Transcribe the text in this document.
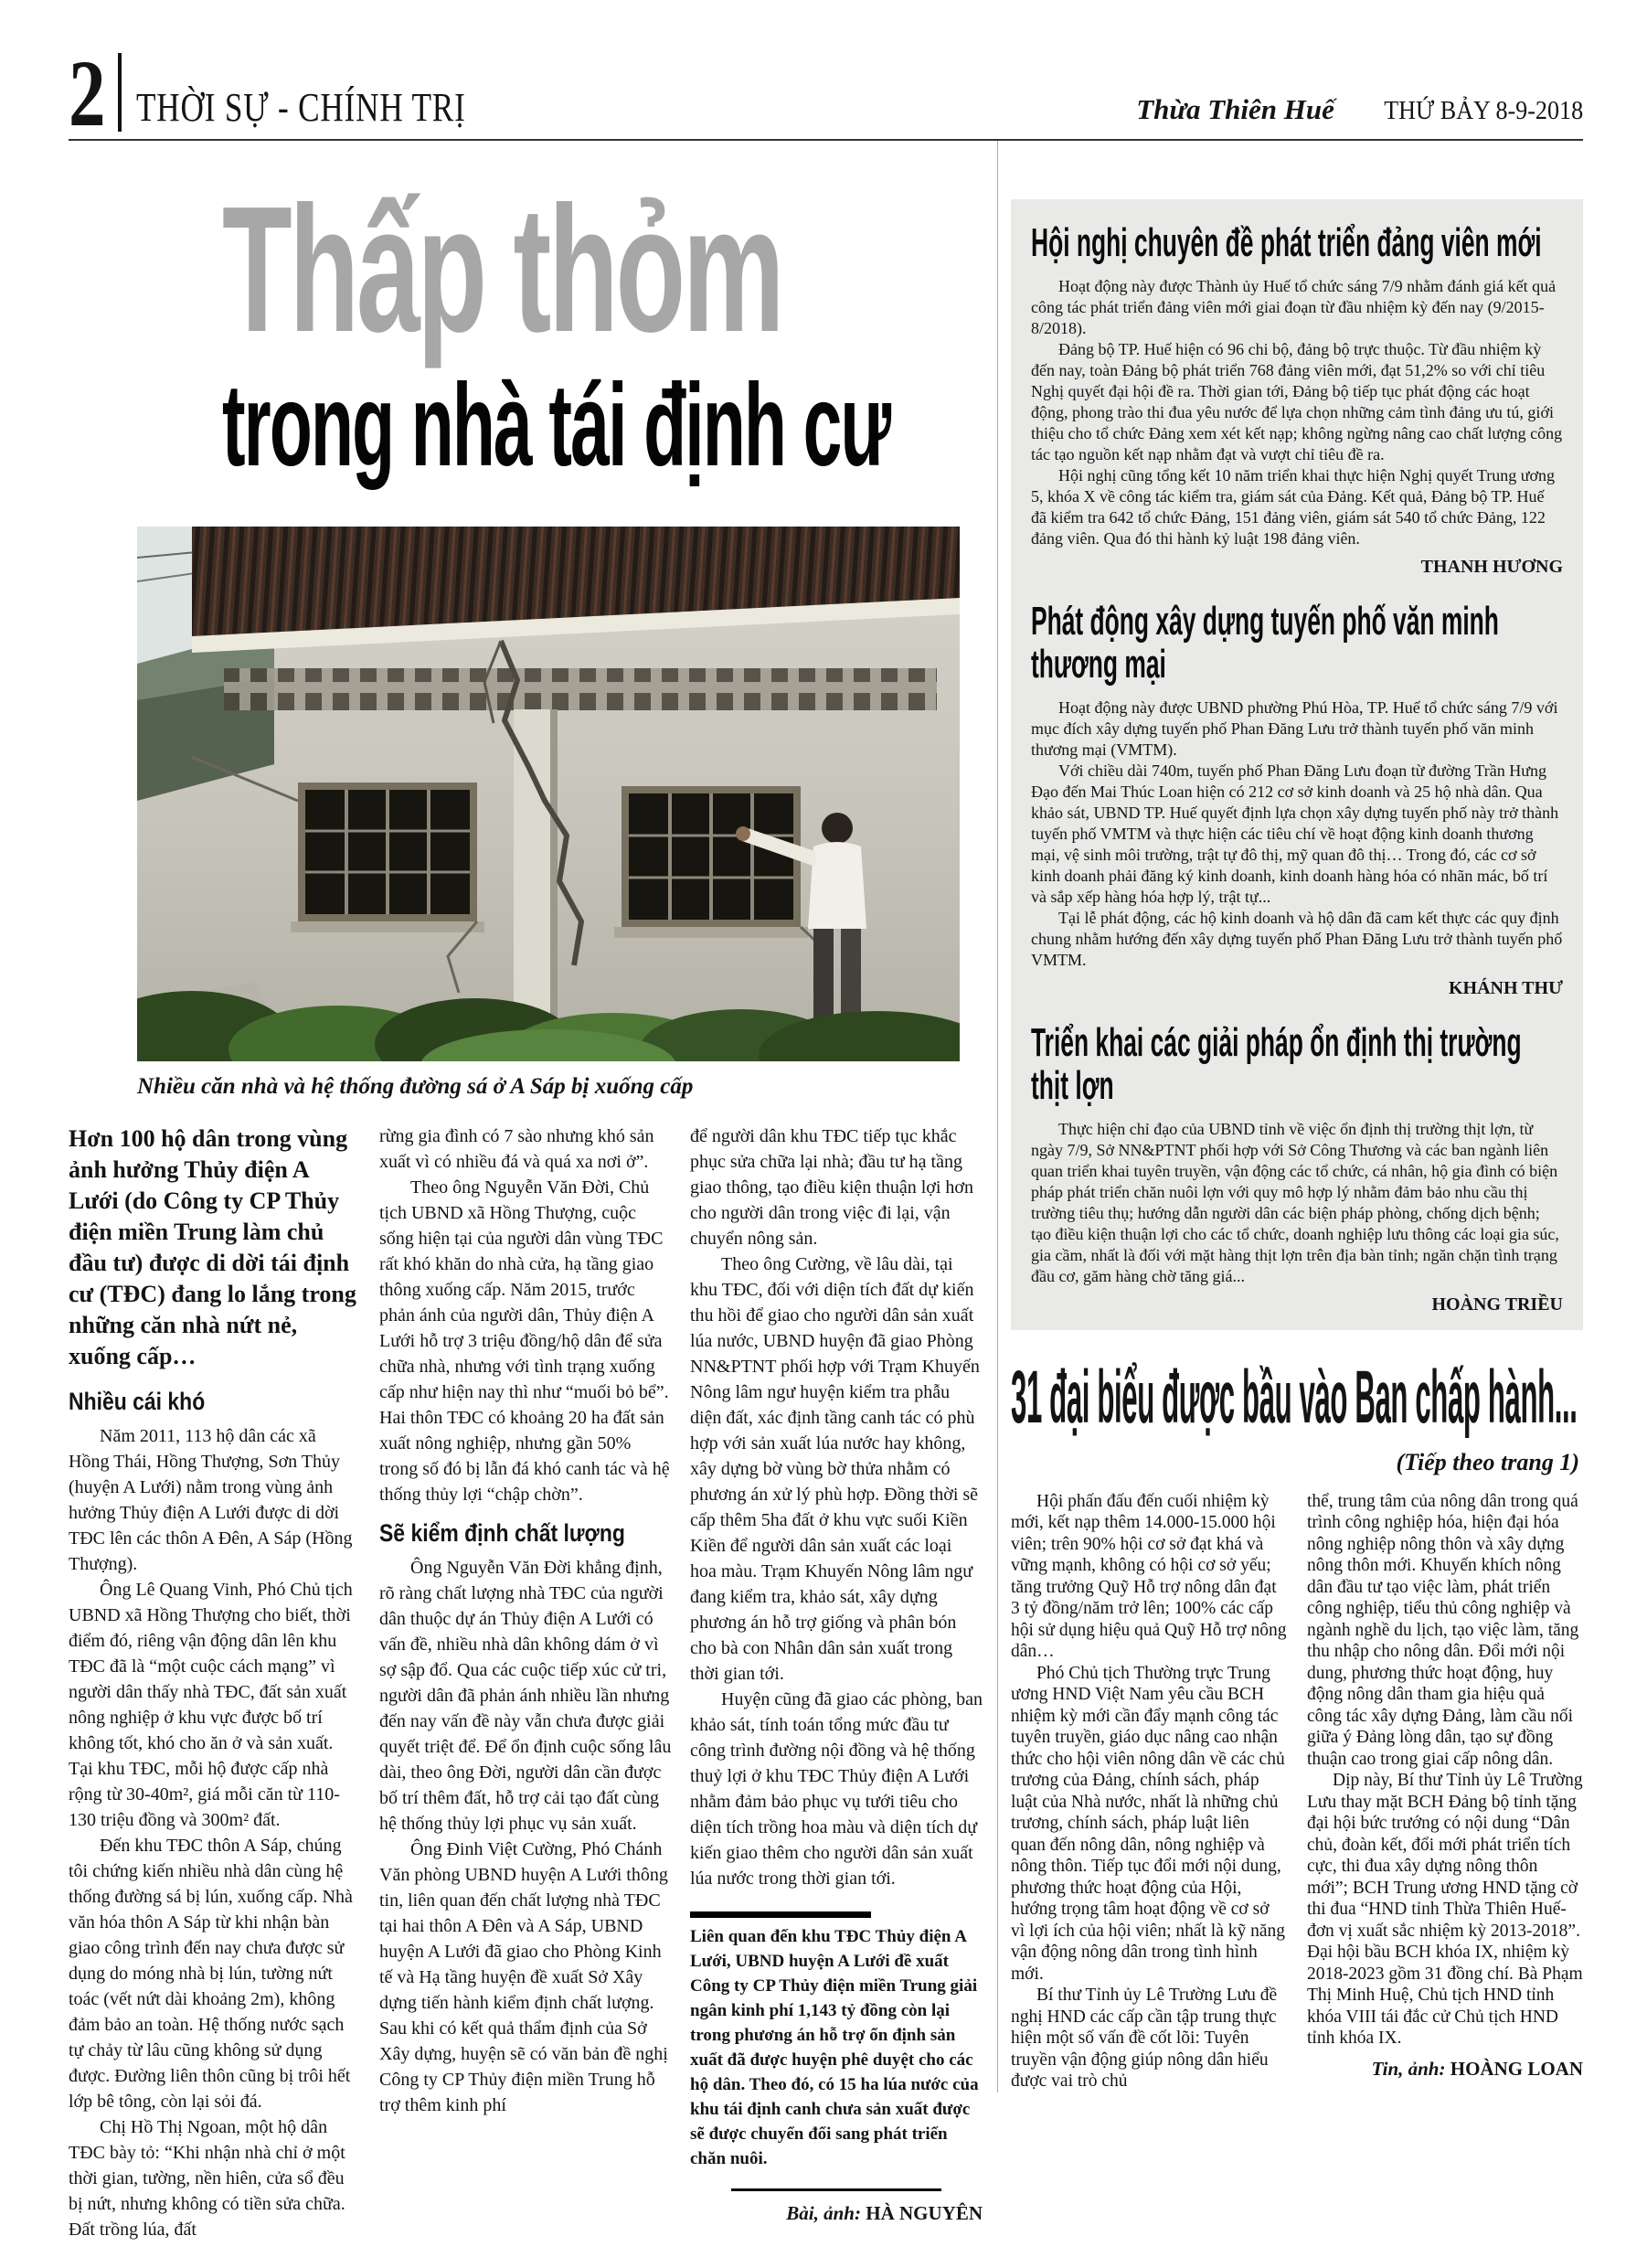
2 THỜI SỰ - CHÍNH TRỊ	Thừa Thiên Huế THỨ BẢY 8-9-2018
Thấp thỏm
trong nhà tái định cư
Nhiều căn nhà và hệ thống đường sá ở A Sáp bị xuống cấp

Hơn 100 hộ dân trong vùng ảnh hưởng Thủy điện A Lưới (do Công ty CP Thủy điện miền Trung làm chủ đầu tư) được di dời tái định cư (TĐC) đang lo lắng trong những căn nhà nứt nẻ, xuống cấp…

Nhiều cái khó

Năm 2011, 113 hộ dân các xã Hồng Thái, Hồng Thượng, Sơn Thủy (huyện A Lưới) nằm trong vùng ảnh hưởng Thủy điện A Lưới được di dời TĐC lên các thôn A Đên, A Sáp (Hồng Thượng).

Ông Lê Quang Vinh, Phó Chủ tịch UBND xã Hồng Thượng cho biết, thời điểm đó, riêng vận động dân lên khu TĐC đã là “một cuộc cách mạng” vì người dân thấy nhà TĐC, đất sản xuất nông nghiệp ở khu vực được bố trí không tốt, khó cho ăn ở và sản xuất. Tại khu TĐC, mỗi hộ được cấp nhà rộng từ 30-40m², giá mỗi căn từ 110-130 triệu đồng và 300m² đất.

Đến khu TĐC thôn A Sáp, chúng tôi chứng kiến nhiều nhà dân cùng hệ thống đường sá bị lún, xuống cấp. Nhà văn hóa thôn A Sáp từ khi nhận bàn giao công trình đến nay chưa được sử dụng do móng nhà bị lún, tường nứt toác (vết nứt dài khoảng 2m), không đảm bảo an toàn. Hệ thống nước sạch tự chảy từ lâu cũng không sử dụng được. Đường liên thôn cũng bị trôi hết lớp bê tông, còn lại sỏi đá.

Chị Hồ Thị Ngoan, một hộ dân TĐC bày tỏ: “Khi nhận nhà chỉ ở một thời gian, tường, nền hiên, cửa sổ đều bị nứt, nhưng không có tiền sửa chữa. Đất trồng lúa, đất

rừng gia đình có 7 sào nhưng khó sản xuất vì có nhiều đá và quá xa nơi ở”.

Theo ông Nguyễn Văn Đời, Chủ tịch UBND xã Hồng Thượng, cuộc sống hiện tại của người dân vùng TĐC rất khó khăn do nhà cửa, hạ tầng giao thông xuống cấp. Năm 2015, trước phản ánh của người dân, Thủy điện A Lưới hỗ trợ 3 triệu đồng/hộ dân để sửa chữa nhà, nhưng với tình trạng xuống cấp như hiện nay thì như “muối bỏ bể”. Hai thôn TĐC có khoảng 20 ha đất sản xuất nông nghiệp, nhưng gần 50% trong số đó bị lẫn đá khó canh tác và hệ thống thủy lợi “chập chờn”.

Sẽ kiểm định chất lượng

Ông Nguyễn Văn Đời khẳng định, rõ ràng chất lượng nhà TĐC của người dân thuộc dự án Thủy điện A Lưới có vấn đề, nhiều nhà dân không dám ở vì sợ sập đổ. Qua các cuộc tiếp xúc cử tri, người dân đã phản ánh nhiều lần nhưng đến nay vấn đề này vẫn chưa được giải quyết triệt để. Để ổn định cuộc sống lâu dài, theo ông Đời, người dân cần được bố trí thêm đất, hỗ trợ cải tạo đất cùng hệ thống thủy lợi phục vụ sản xuất.

Ông Đinh Việt Cường, Phó Chánh Văn phòng UBND huyện A Lưới thông tin, liên quan đến chất lượng nhà TĐC tại hai thôn A Đên và A Sáp, UBND huyện A Lưới đã giao cho Phòng Kinh tế và Hạ tầng huyện đề xuất Sở Xây dựng tiến hành kiểm định chất lượng. Sau khi có kết quả thẩm định của Sở Xây dựng, huyện sẽ có văn bản đề nghị Công ty CP Thủy điện miền Trung hỗ trợ thêm kinh phí

để người dân khu TĐC tiếp tục khắc phục sửa chữa lại nhà; đầu tư hạ tầng giao thông, tạo điều kiện thuận lợi hơn cho người dân trong việc đi lại, vận chuyển nông sản.

Theo ông Cường, về lâu dài, tại khu TĐC, đối với diện tích đất dự kiến thu hồi để giao cho người dân sản xuất lúa nước, UBND huyện đã giao Phòng NN&PTNT phối hợp với Trạm Khuyến Nông lâm ngư huyện kiểm tra phẫu diện đất, xác định tầng canh tác có phù hợp với sản xuất lúa nước hay không, xây dựng bờ vùng bờ thửa nhằm có phương án xử lý phù hợp. Đồng thời sẽ cấp thêm 5ha đất ở khu vực suối Kiền Kiền để người dân sản xuất các loại hoa màu. Trạm Khuyến Nông lâm ngư đang kiểm tra, khảo sát, xây dựng phương án hỗ trợ giống và phân bón cho bà con Nhân dân sản xuất trong thời gian tới.

Huyện cũng đã giao các phòng, ban khảo sát, tính toán tổng mức đầu tư công trình đường nội đồng và hệ thống thuỷ lợi ở khu TĐC Thủy điện A Lưới nhằm đảm bảo phục vụ tưới tiêu cho diện tích trồng hoa màu và diện tích dự kiến giao thêm cho người dân sản xuất lúa nước trong thời gian tới.

Liên quan đến khu TĐC Thủy điện A Lưới, UBND huyện A Lưới đề xuất Công ty CP Thủy điện miền Trung giải ngân kinh phí 1,143 tỷ đồng còn lại trong phương án hỗ trợ ổn định sản xuất đã được huyện phê duyệt cho các hộ dân. Theo đó, có 15 ha lúa nước của khu tái định canh chưa sản xuất được sẽ được chuyển đổi sang phát triển chăn nuôi.

Bài, ảnh: HÀ NGUYÊN

Hội nghị chuyên đề phát triển đảng viên mới

Hoạt động này được Thành ủy Huế tổ chức sáng 7/9 nhằm đánh giá kết quả công tác phát triển đảng viên mới giai đoạn từ đầu nhiệm kỳ đến nay (9/2015- 8/2018).

Đảng bộ TP. Huế hiện có 96 chi bộ, đảng bộ trực thuộc. Từ đầu nhiệm kỳ đến nay, toàn Đảng bộ phát triển 768 đảng viên mới, đạt 51,2% so với chỉ tiêu Nghị quyết đại hội đề ra. Thời gian tới, Đảng bộ tiếp tục phát động các hoạt động, phong trào thi đua yêu nước để lựa chọn những cảm tình đảng ưu tú, giới thiệu cho tổ chức Đảng xem xét kết nạp; không ngừng nâng cao chất lượng công tác tạo nguồn kết nạp nhằm đạt và vượt chỉ tiêu đề ra.

Hội nghị cũng tổng kết 10 năm triển khai thực hiện Nghị quyết Trung ương 5, khóa X về công tác kiểm tra, giám sát của Đảng. Kết quả, Đảng bộ TP. Huế đã kiểm tra 642 tổ chức Đảng, 151 đảng viên, giám sát 540 tổ chức Đảng, 122 đảng viên. Qua đó thi hành kỷ luật 198 đảng viên.

THANH HƯƠNG

Phát động xây dựng tuyến phố văn minh thương mại

Hoạt động này được UBND phường Phú Hòa, TP. Huế tổ chức sáng 7/9 với mục đích xây dựng tuyến phố Phan Đăng Lưu trở thành tuyến phố văn minh thương mại (VMTM).

Với chiều dài 740m, tuyến phố Phan Đăng Lưu đoạn từ đường Trần Hưng Đạo đến Mai Thúc Loan hiện có 212 cơ sở kinh doanh và 25 hộ nhà dân. Qua khảo sát, UBND TP. Huế quyết định lựa chọn xây dựng tuyến phố này trở thành tuyến phố VMTM và thực hiện các tiêu chí về hoạt động kinh doanh thương mại, vệ sinh môi trường, trật tự đô thị, mỹ quan đô thị… Trong đó, các cơ sở kinh doanh phải đăng ký kinh doanh, kinh doanh hàng hóa có nhãn mác, bố trí và sắp xếp hàng hóa hợp lý, trật tự...

Tại lễ phát động, các hộ kinh doanh và hộ dân đã cam kết thực các quy định chung nhằm hướng đến xây dựng tuyến phố Phan Đăng Lưu trở thành tuyến phố VMTM.

KHÁNH THƯ

Triển khai các giải pháp ổn định thị trường thịt lợn

Thực hiện chỉ đạo của UBND tỉnh về việc ổn định thị trường thịt lợn, từ ngày 7/9, Sở NN&PTNT phối hợp với Sở Công Thương và các ban ngành liên quan triển khai tuyên truyền, vận động các tổ chức, cá nhân, hộ gia đình có biện pháp phát triển chăn nuôi lợn với quy mô hợp lý nhằm đảm bảo nhu cầu thị trường tiêu thụ; hướng dẫn người dân các biện pháp phòng, chống dịch bệnh; tạo điều kiện thuận lợi cho các tổ chức, doanh nghiệp lưu thông các loại gia súc, gia cầm, nhất là đối với mặt hàng thịt lợn trên địa bàn tỉnh; ngăn chặn tình trạng đầu cơ, găm hàng chờ tăng giá...

HOÀNG TRIỀU

31 đại biểu được bầu vào Ban chấp hành...
(Tiếp theo trang 1)

Hội phấn đấu đến cuối nhiệm kỳ mới, kết nạp thêm 14.000-15.000 hội viên; trên 90% hội cơ sở đạt khá và vững mạnh, không có hội cơ sở yếu; tăng trưởng Quỹ Hỗ trợ nông dân đạt 3 tỷ đồng/năm trở lên; 100% các cấp hội sử dụng hiệu quả Quỹ Hỗ trợ nông dân…

Phó Chủ tịch Thường trực Trung ương HND Việt Nam yêu cầu BCH nhiệm kỳ mới cần đẩy mạnh công tác tuyên truyền, giáo dục nâng cao nhận thức cho hội viên nông dân về các chủ trương của Đảng, chính sách, pháp luật của Nhà nước, nhất là những chủ trương, chính sách, pháp luật liên quan đến nông dân, nông nghiệp và nông thôn. Tiếp tục đổi mới nội dung, phương thức hoạt động của Hội, hướng trọng tâm hoạt động về cơ sở vì lợi ích của hội viên; nhất là kỹ năng vận động nông dân trong tình hình mới.

Bí thư Tỉnh ủy Lê Trường Lưu đề nghị HND các cấp cần tập trung thực hiện một số vấn đề cốt lõi: Tuyên truyền vận động giúp nông dân hiểu được vai trò chủ

thể, trung tâm của nông dân trong quá trình công nghiệp hóa, hiện đại hóa nông nghiệp nông thôn và xây dựng nông thôn mới. Khuyến khích nông dân đầu tư tạo việc làm, phát triển công nghiệp, tiểu thủ công nghiệp và ngành nghề du lịch, tạo việc làm, tăng thu nhập cho nông dân. Đổi mới nội dung, phương thức hoạt động, huy động nông dân tham gia hiệu quả công tác xây dựng Đảng, làm cầu nối giữa ý Đảng lòng dân, tạo sự đồng thuận cao trong giai cấp nông dân.

Dịp này, Bí thư Tỉnh ủy Lê Trường Lưu thay mặt BCH Đảng bộ tỉnh tặng đại hội bức trướng có nội dung “Dân chủ, đoàn kết, đổi mới phát triển tích cực, thi đua xây dựng nông thôn mới”; BCH Trung ương HND tặng cờ thi đua “HND tỉnh Thừa Thiên Huế- đơn vị xuất sắc nhiệm kỳ 2013-2018”. Đại hội bầu BCH khóa IX, nhiệm kỳ 2018-2023 gồm 31 đồng chí. Bà Phạm Thị Minh Huệ, Chủ tịch HND tỉnh khóa VIII tái đắc cử Chủ tịch HND tỉnh khóa IX.

Tin, ảnh: HOÀNG LOAN
